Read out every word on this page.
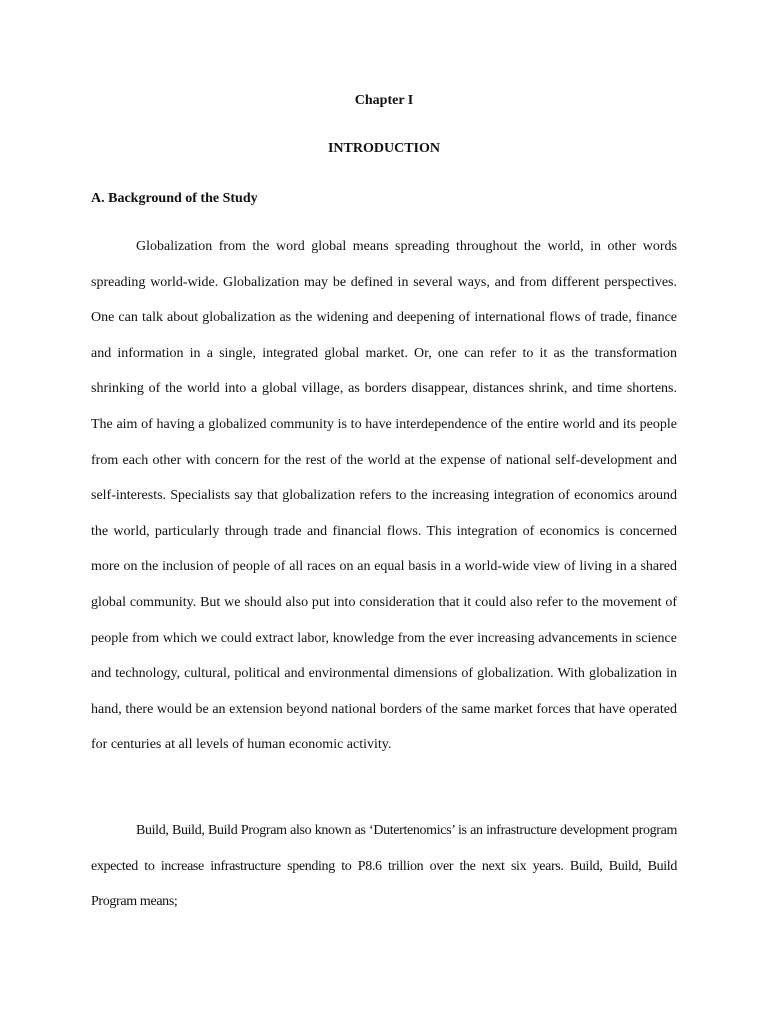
Chapter I
INTRODUCTION
A. Background of the Study

Globalization from the word global means spreading throughout the world, in other words spreading world-wide. Globalization may be defined in several ways, and from different perspectives. One can talk about globalization as the widening and deepening of international flows of trade, finance and information in a single, integrated global market. Or, one can refer to it as the transformation shrinking of the world into a global village, as borders disappear, distances shrink, and time shortens. The aim of having a globalized community is to have interdependence of the entire world and its people from each other with concern for the rest of the world at the expense of national self-development and self-interests. Specialists say that globalization refers to the increasing integration of economics around the world, particularly through trade and financial flows. This integration of economics is concerned more on the inclusion of people of all races on an equal basis in a world-wide view of living in a shared global community. But we should also put into consideration that it could also refer to the movement of people from which we could extract labor, knowledge from the ever increasing advancements in science and technology, cultural, political and environmental dimensions of globalization. With globalization in hand, there would be an extension beyond national borders of the same market forces that have operated for centuries at all levels of human economic activity.

Build, Build, Build Program also known as ‘Dutertenomics’ is an infrastructure development program expected to increase infrastructure spending to P8.6 trillion over the next six years. Build, Build, Build Program means;
